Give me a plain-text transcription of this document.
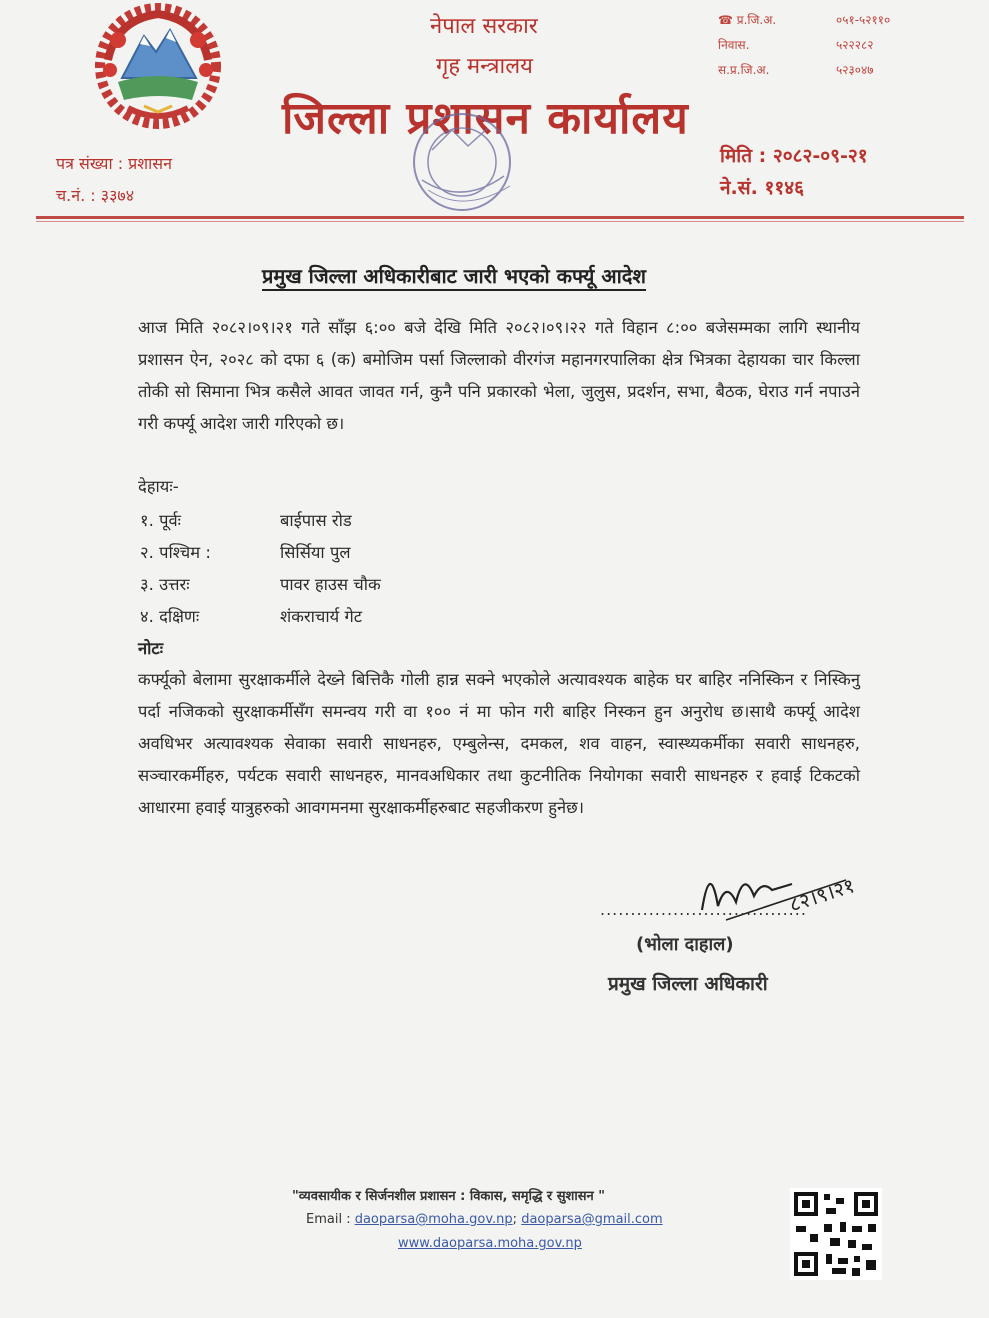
नेपाल सरकार
गृह मन्त्रालय
जिल्ला प्रशासन कार्यालय
☎ प्र.जि.अ.	०५१-५२११०
निवास.	५२२२८२
स.प्र.जि.अ.	५२३०४७
पत्र संख्या : प्रशासन
च.नं. : ३३७४
मिति : २०८२-०९-२१
ने.सं. ११४६
प्रमुख जिल्ला अधिकारीबाट जारी भएको कर्फ्यू आदेश
आज मिति २०८२।०९।२१ गते साँझ ६:०० बजे देखि मिति २०८२।०९।२२ गते विहान ८:०० बजेसम्मका लागि स्थानीय प्रशासन ऐन, २०२८ को दफा ६ (क) बमोजिम पर्सा जिल्लाको वीरगंज महानगरपालिका क्षेत्र भित्रका देहायका चार किल्ला तोकी सो सिमाना भित्र कसैले आवत जावत गर्न, कुनै पनि प्रकारको भेला, जुलुस, प्रदर्शन, सभा, बैठक, घेराउ गर्न नपाउने गरी कर्फ्यू आदेश जारी गरिएको छ।
देहायः-
१. पूर्वः	बाईपास रोड
२. पश्चिम :	सिर्सिया पुल
३. उत्तरः	पावर हाउस चौक
४. दक्षिणः	शंकराचार्य गेट
नोटः
कर्फ्यूको बेलामा सुरक्षाकर्मीले देख्ने बित्तिकै गोली हान्न सक्ने भएकोले अत्यावश्यक बाहेक घर बाहिर ननिस्किन र निस्किनु पर्दा नजिकको सुरक्षाकर्मीसँग समन्वय गरी वा १०० नं मा फोन गरी बाहिर निस्कन हुन अनुरोध छ।साथै कर्फ्यू आदेश अवधिभर अत्यावश्यक सेवाका सवारी साधनहरु, एम्बुलेन्स, दमकल, शव वाहन, स्वास्थ्यकर्मीका सवारी साधनहरु, सञ्चारकर्मीहरु, पर्यटक सवारी साधनहरु, मानवअधिकार तथा कुटनीतिक नियोगका सवारी साधनहरु र हवाई टिकटको आधारमा हवाई यात्रुहरुको आवगमनमा सुरक्षाकर्मीहरुबाट सहजीकरण हुनेछ।
८२।९।२१
..................................
(भोला दाहाल)
प्रमुख जिल्ला अधिकारी
"व्यवसायीक र सिर्जनशील प्रशासन : विकास, समृद्धि र सुशासन "
Email : daoparsa@moha.gov.np; daoparsa@gmail.com
www.daoparsa.moha.gov.np
